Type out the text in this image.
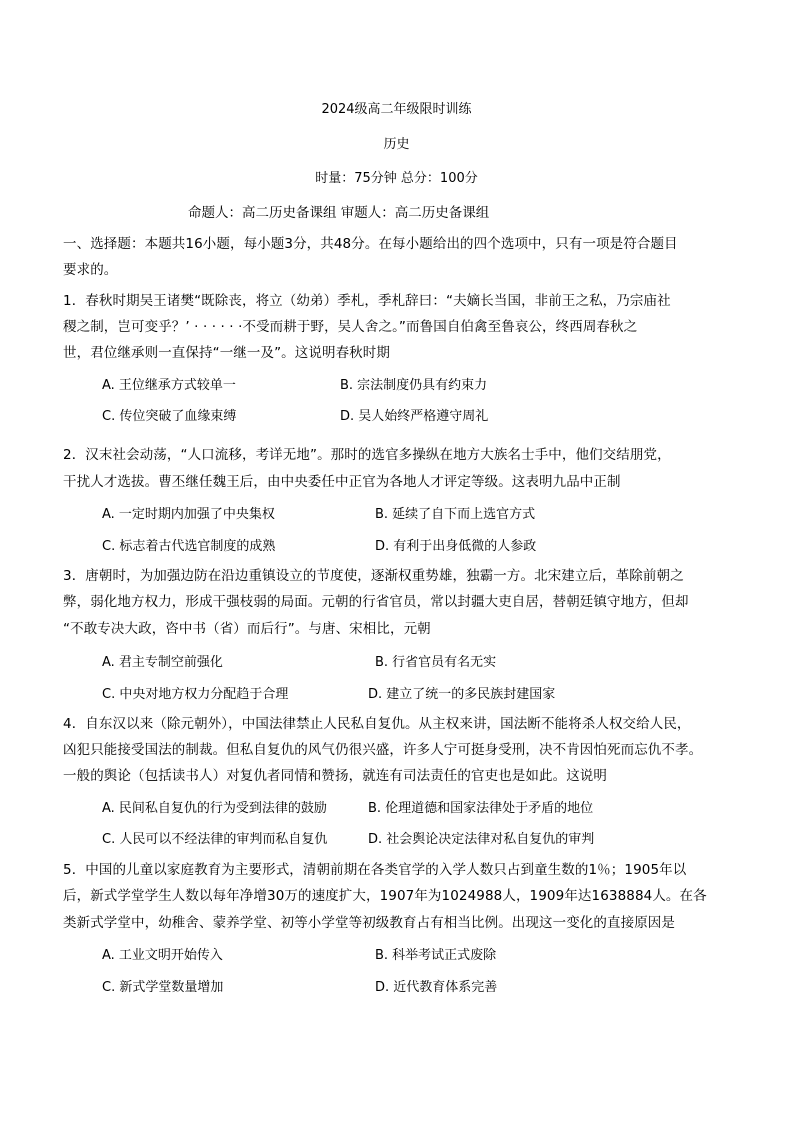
2024级高二年级限时训练
历史
时量：75分钟 总分：100分
命题人：高二历史备课组 审题人：高二历史备课组
一、选择题：本题共16小题，每小题3分，共48分。在每小题给出的四个选项中，只有一项是符合题目
要求的。
1．春秋时期吴王诸樊“既除丧，将立（幼弟）季札，季札辞曰：“夫嫡长当国，非前王之私，乃宗庙社
稷之制，岂可变乎？’ · · · · · ·不受而耕于野，吴人舍之。”而鲁国自伯禽至鲁哀公，终西周春秋之
世，君位继承则一直保持“一继一及”。这说明春秋时期
A. 王位继承方式较单一	B. 宗法制度仍具有约束力
C. 传位突破了血缘束缚	D. 吴人始终严格遵守周礼
2．汉末社会动荡，“人口流移，考详无地”。那时的选官多操纵在地方大族名士手中，他们交结朋党，
干扰人才选拔。曹丕继任魏王后，由中央委任中正官为各地人才评定等级。这表明九品中正制
A. 一定时期内加强了中央集权	B. 延续了自下而上选官方式
C. 标志着古代选官制度的成熟	D. 有利于出身低微的人参政
3．唐朝时，为加强边防在沿边重镇设立的节度使，逐渐权重势雄，独霸一方。北宋建立后，革除前朝之
弊，弱化地方权力，形成干强枝弱的局面。元朝的行省官员，常以封疆大吏自居，替朝廷镇守地方，但却
“不敢专决大政，咨中书（省）而后行”。与唐、宋相比，元朝
A. 君主专制空前强化	B. 行省官员有名无实
C. 中央对地方权力分配趋于合理	D. 建立了统一的多民族封建国家
4．自东汉以来（除元朝外），中国法律禁止人民私自复仇。从主权来讲，国法断不能将杀人权交给人民，
凶犯只能接受国法的制裁。但私自复仇的风气仍很兴盛，许多人宁可挺身受刑，决不肯因怕死而忘仇不孝。
一般的舆论（包括读书人）对复仇者同情和赞扬，就连有司法责任的官吏也是如此。这说明
A. 民间私自复仇的行为受到法律的鼓励	B. 伦理道德和国家法律处于矛盾的地位
C. 人民可以不经法律的审判而私自复仇	D. 社会舆论决定法律对私自复仇的审判
5．中国的儿童以家庭教育为主要形式，清朝前期在各类官学的入学人数只占到童生数的1％；1905年以
后，新式学堂学生人数以每年净增30万的速度扩大，1907年为1024988人，1909年达1638884人。在各
类新式学堂中，幼稚舍、蒙养学堂、初等小学堂等初级教育占有相当比例。出现这一变化的直接原因是
A. 工业文明开始传入	B. 科举考试正式废除
C. 新式学堂数量增加	D. 近代教育体系完善
